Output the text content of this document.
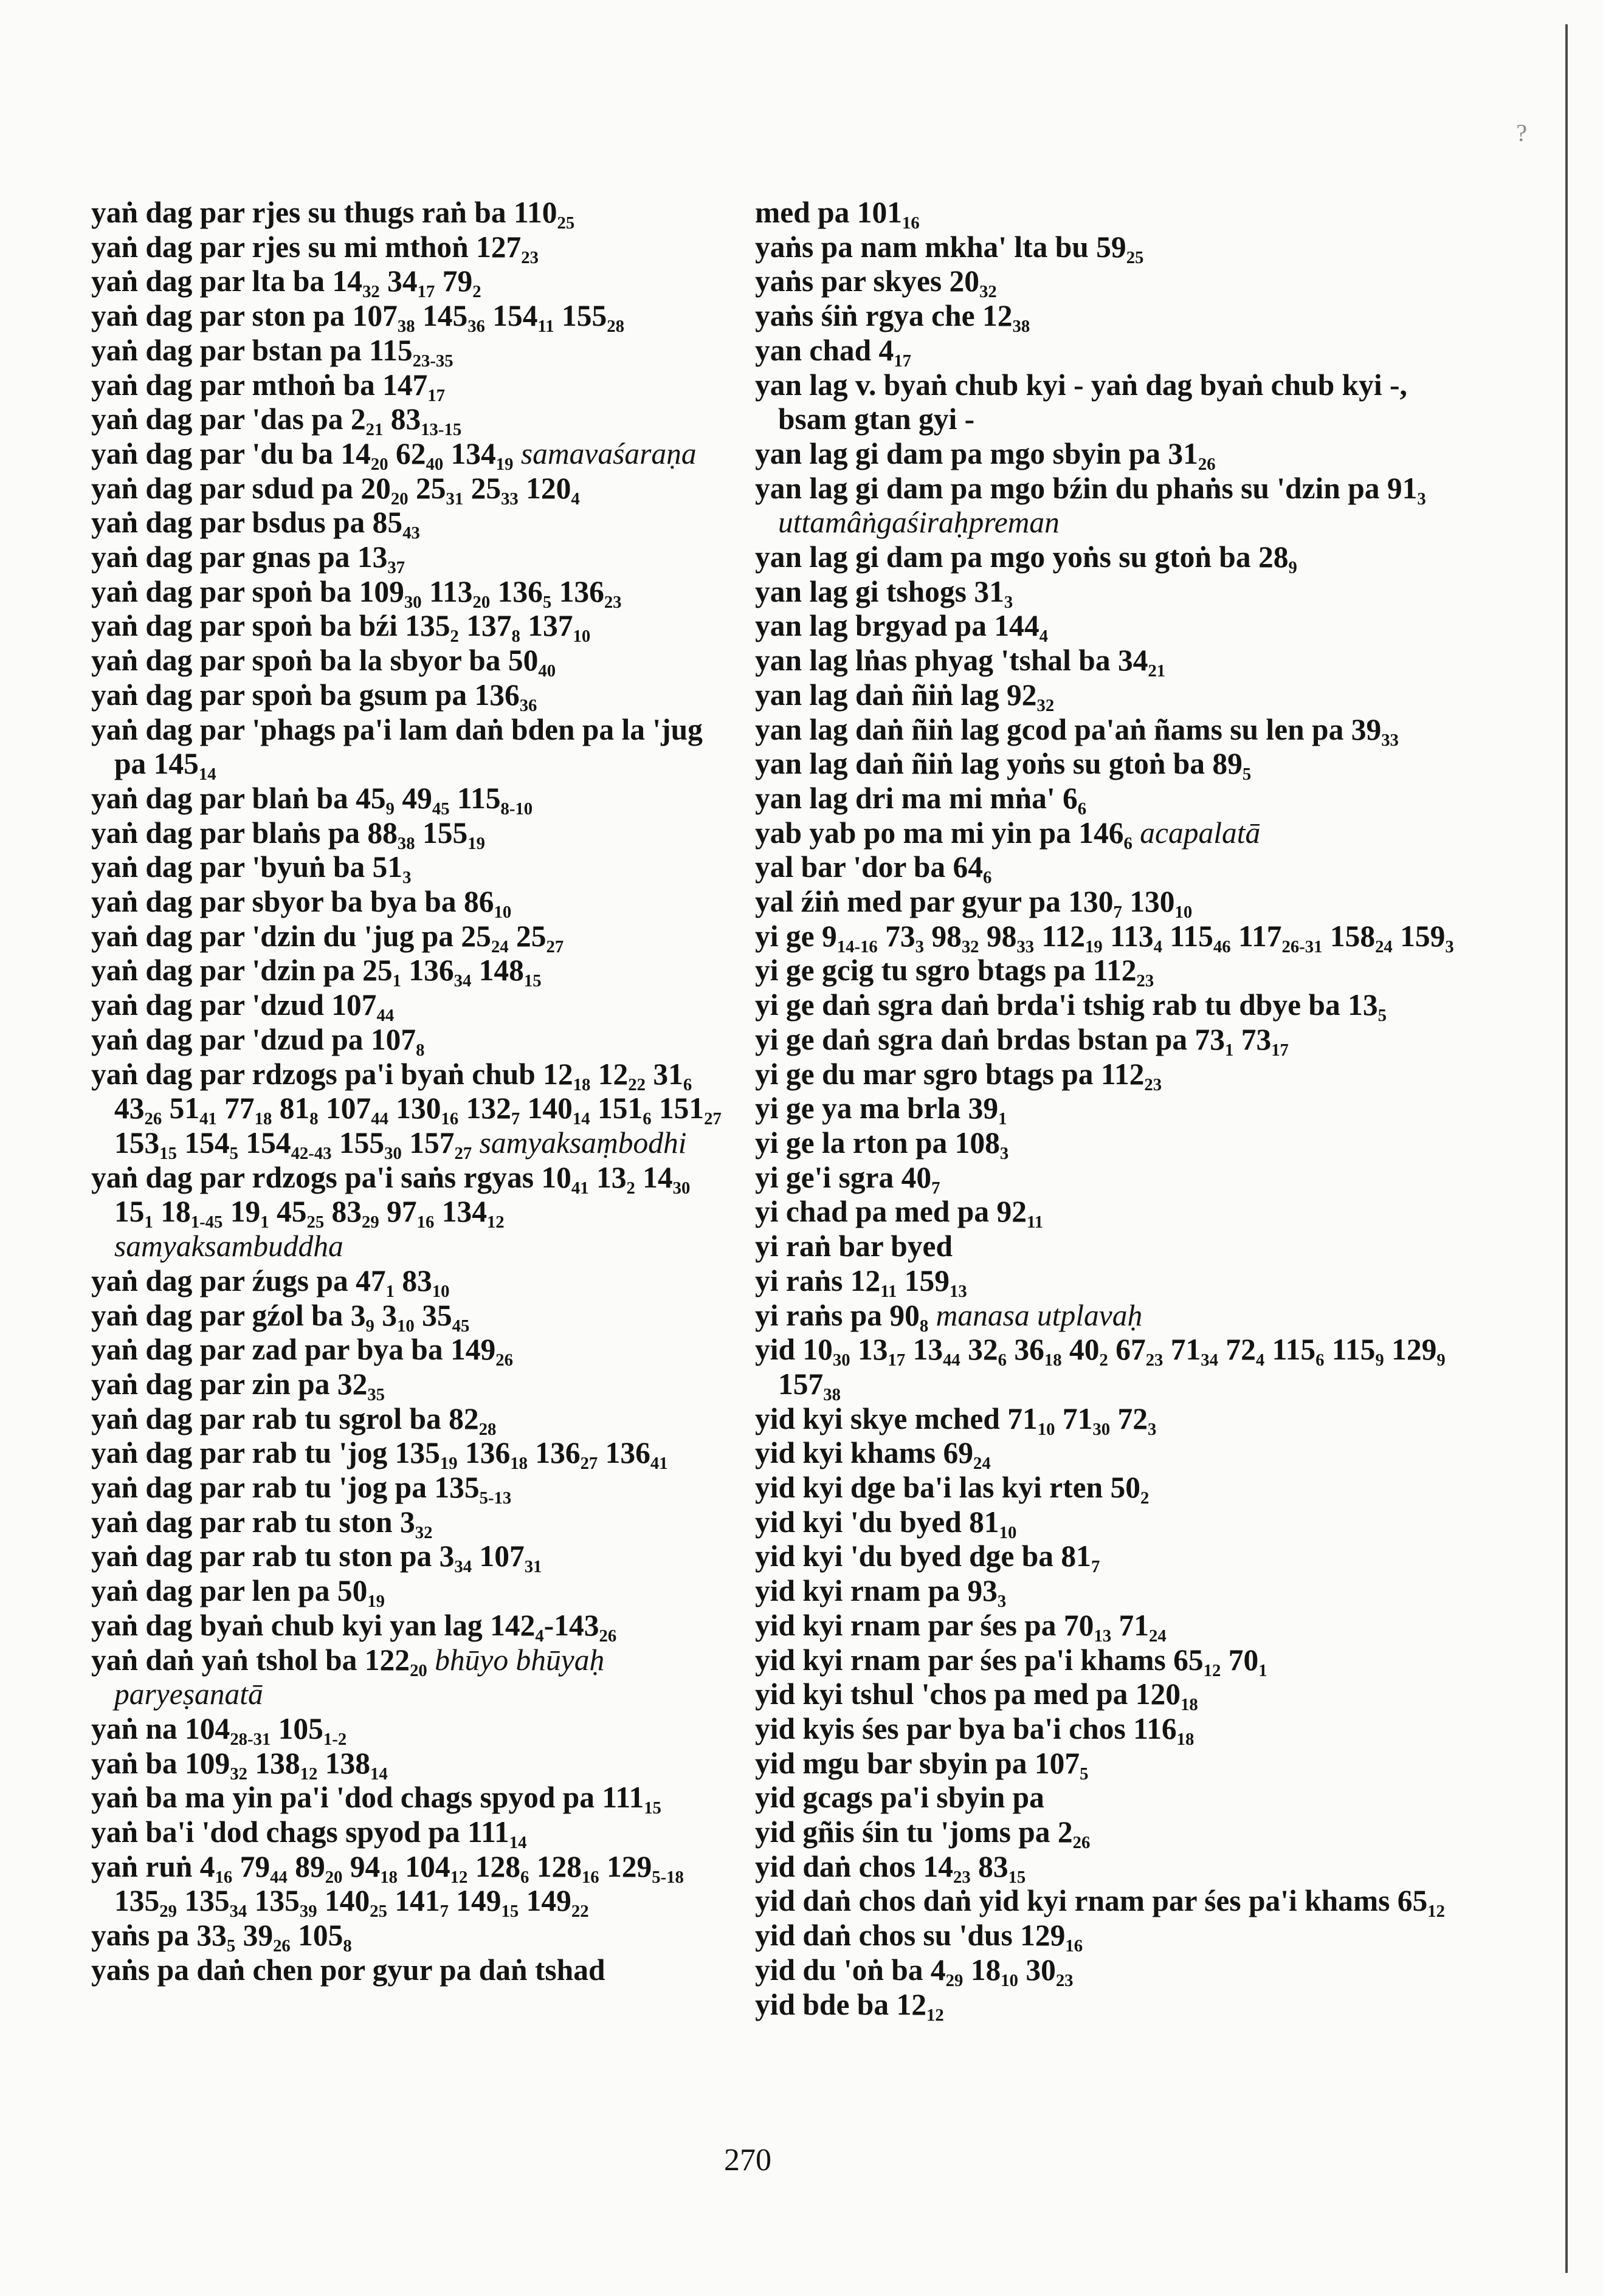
?
yaṅ dag par rjes su thugs raṅ ba $110_{25}$
yaṅ dag par rjes su mi mthoṅ $127_{23}$
yaṅ dag par lta ba $14_{32}$ $34_{17}$ $79_2$
yaṅ dag par ston pa $107_{38}$ $145_{36}$ $154_{11}$ $155_{28}$
yaṅ dag par bstan pa $115_{23-35}$
yaṅ dag par mthoṅ ba $147_{17}$
yaṅ dag par 'das pa $2_{21}$ $83_{13-15}$
yaṅ dag par 'du ba $14_{20}$ $62_{40}$ $134_{19}$ samavaśaraṇa
yaṅ dag par sdud pa $20_{20}$ $25_{31}$ $25_{33}$ $120_4$
yaṅ dag par bsdus pa $85_{43}$
yaṅ dag par gnas pa $13_{37}$
yaṅ dag par spoṅ ba $109_{30}$ $113_{20}$ $136_5$ $136_{23}$
yaṅ dag par spoṅ ba bźi $135_2$ $137_8$ $137_{10}$
yaṅ dag par spoṅ ba la sbyor ba $50_{40}$
yaṅ dag par spoṅ ba gsum pa $136_{36}$
yaṅ dag par 'phags pa'i lam daṅ bden pa la 'jug pa $145_{14}$
yaṅ dag par blaṅ ba $45_9$ $49_{45}$ $115_{8-10}$
yaṅ dag par blaṅs pa $88_{38}$ $155_{19}$
yaṅ dag par 'byuṅ ba $51_3$
yaṅ dag par sbyor ba bya ba $86_{10}$
yaṅ dag par 'dzin du 'jug pa $25_{24}$ $25_{27}$
yaṅ dag par 'dzin pa $25_1$ $136_{34}$ $148_{15}$
yaṅ dag par 'dzud $107_{44}$
yaṅ dag par 'dzud pa $107_8$
yaṅ dag par rdzogs pa'i byaṅ chub $12_{18}$ $12_{22}$ $31_6$ $43_{26}$ $51_{41}$ $77_{18}$ $81_8$ $107_{44}$ $130_{16}$ $132_7$ $140_{14}$ $151_6$ $151_{27}$ $153_{15}$ $154_5$ $154_{42-43}$ $155_{30}$ $157_{27}$ samyaksaṃbodhi
yaṅ dag par rdzogs pa'i saṅs rgyas $10_{41}$ $13_2$ $14_{30}$ $15_1$ $18_{1-45}$ $19_1$ $45_{25}$ $83_{29}$ $97_{16}$ $134_{12}$ samyaksambuddha
yaṅ dag par źugs pa $47_1$ $83_{10}$
yaṅ dag par gźol ba $3_9$ $3_{10}$ $35_{45}$
yaṅ dag par zad par bya ba $149_{26}$
yaṅ dag par zin pa $32_{35}$
yaṅ dag par rab tu sgrol ba $82_{28}$
yaṅ dag par rab tu 'jog $135_{19}$ $136_{18}$ $136_{27}$ $136_{41}$
yaṅ dag par rab tu 'jog pa $135_{5-13}$
yaṅ dag par rab tu ston $3_{32}$
yaṅ dag par rab tu ston pa $3_{34}$ $107_{31}$
yaṅ dag par len pa $50_{19}$
yaṅ dag byaṅ chub kyi yan lag $142_4-143_{26}$
yaṅ daṅ yaṅ tshol ba $122_{20}$ bhūyo bhūyaḥ paryeṣanatā
yaṅ na $104_{28-31}$ $105_{1-2}$
yaṅ ba $109_{32}$ $138_{12}$ $138_{14}$
yaṅ ba ma yin pa'i 'dod chags spyod pa $111_{15}$
yaṅ ba'i 'dod chags spyod pa $111_{14}$
yaṅ ruṅ $4_{16}$ $79_{44}$ $89_{20}$ $94_{18}$ $104_{12}$ $128_6$ $128_{16}$ $129_{5-18}$ $135_{29}$ $135_{34}$ $135_{39}$ $140_{25}$ $141_7$ $149_{15}$ $149_{22}$
yaṅs pa $33_5$ $39_{26}$ $105_8$
yaṅs pa daṅ chen por gyur pa daṅ tshad
med pa $101_{16}$
yaṅs pa nam mkha' lta bu $59_{25}$
yaṅs par skyes $20_{32}$
yaṅs śiṅ rgya che $12_{38}$
yan chad $4_{17}$
yan lag v. byaṅ chub kyi - yaṅ dag byaṅ chub kyi -, bsam gtan gyi -
yan lag gi dam pa mgo sbyin pa $31_{26}$
yan lag gi dam pa mgo bźin du phaṅs su 'dzin pa $91_3$ uttamâṅgaśiraḥpreman
yan lag gi dam pa mgo yoṅs su gtoṅ ba $28_9$
yan lag gi tshogs $31_3$
yan lag brgyad pa $144_4$
yan lag lṅas phyag 'tshal ba $34_{21}$
yan lag daṅ ñiṅ lag $92_{32}$
yan lag daṅ ñiṅ lag gcod pa'aṅ ñams su len pa $39_{33}$
yan lag daṅ ñiṅ lag yoṅs su gtoṅ ba $89_5$
yan lag dri ma mi mṅa' $6_6$
yab yab po ma mi yin pa $146_6$ acapalatā
yal bar 'dor ba $64_6$
yal źiṅ med par gyur pa $130_7$ $130_{10}$
yi ge $9_{14-16}$ $73_3$ $98_{32}$ $98_{33}$ $112_{19}$ $113_4$ $115_{46}$ $117_{26-31}$ $158_{24}$ $159_3$
yi ge gcig tu sgro btags pa $112_{23}$
yi ge daṅ sgra daṅ brda'i tshig rab tu dbye ba $13_5$
yi ge daṅ sgra daṅ brdas bstan pa $73_1$ $73_{17}$
yi ge du mar sgro btags pa $112_{23}$
yi ge ya ma brla $39_1$
yi ge la rton pa $108_3$
yi ge'i sgra $40_7$
yi chad pa med pa $92_{11}$
yi raṅ bar byed
yi raṅs $12_{11}$ $159_{13}$
yi raṅs pa $90_8$ manasa utplavaḥ
yid $10_{30}$ $13_{17}$ $13_{44}$ $32_6$ $36_{18}$ $40_2$ $67_{23}$ $71_{34}$ $72_4$ $115_6$ $115_9$ $129_9$ $157_{38}$
yid kyi skye mched $71_{10}$ $71_{30}$ $72_3$
yid kyi khams $69_{24}$
yid kyi dge ba'i las kyi rten $50_2$
yid kyi 'du byed $81_{10}$
yid kyi 'du byed dge ba $81_7$
yid kyi rnam pa $93_3$
yid kyi rnam par śes pa $70_{13}$ $71_{24}$
yid kyi rnam par śes pa'i khams $65_{12}$ $70_1$
yid kyi tshul 'chos pa med pa $120_{18}$
yid kyis śes par bya ba'i chos $116_{18}$
yid mgu bar sbyin pa $107_5$
yid gcags pa'i sbyin pa
yid gñis śin tu 'joms pa $2_{26}$
yid daṅ chos $14_{23}$ $83_{15}$
yid daṅ chos daṅ yid kyi rnam par śes pa'i khams $65_{12}$
yid daṅ chos su 'dus $129_{16}$
yid du 'oṅ ba $4_{29}$ $18_{10}$ $30_{23}$
yid bde ba $12_{12}$
270
